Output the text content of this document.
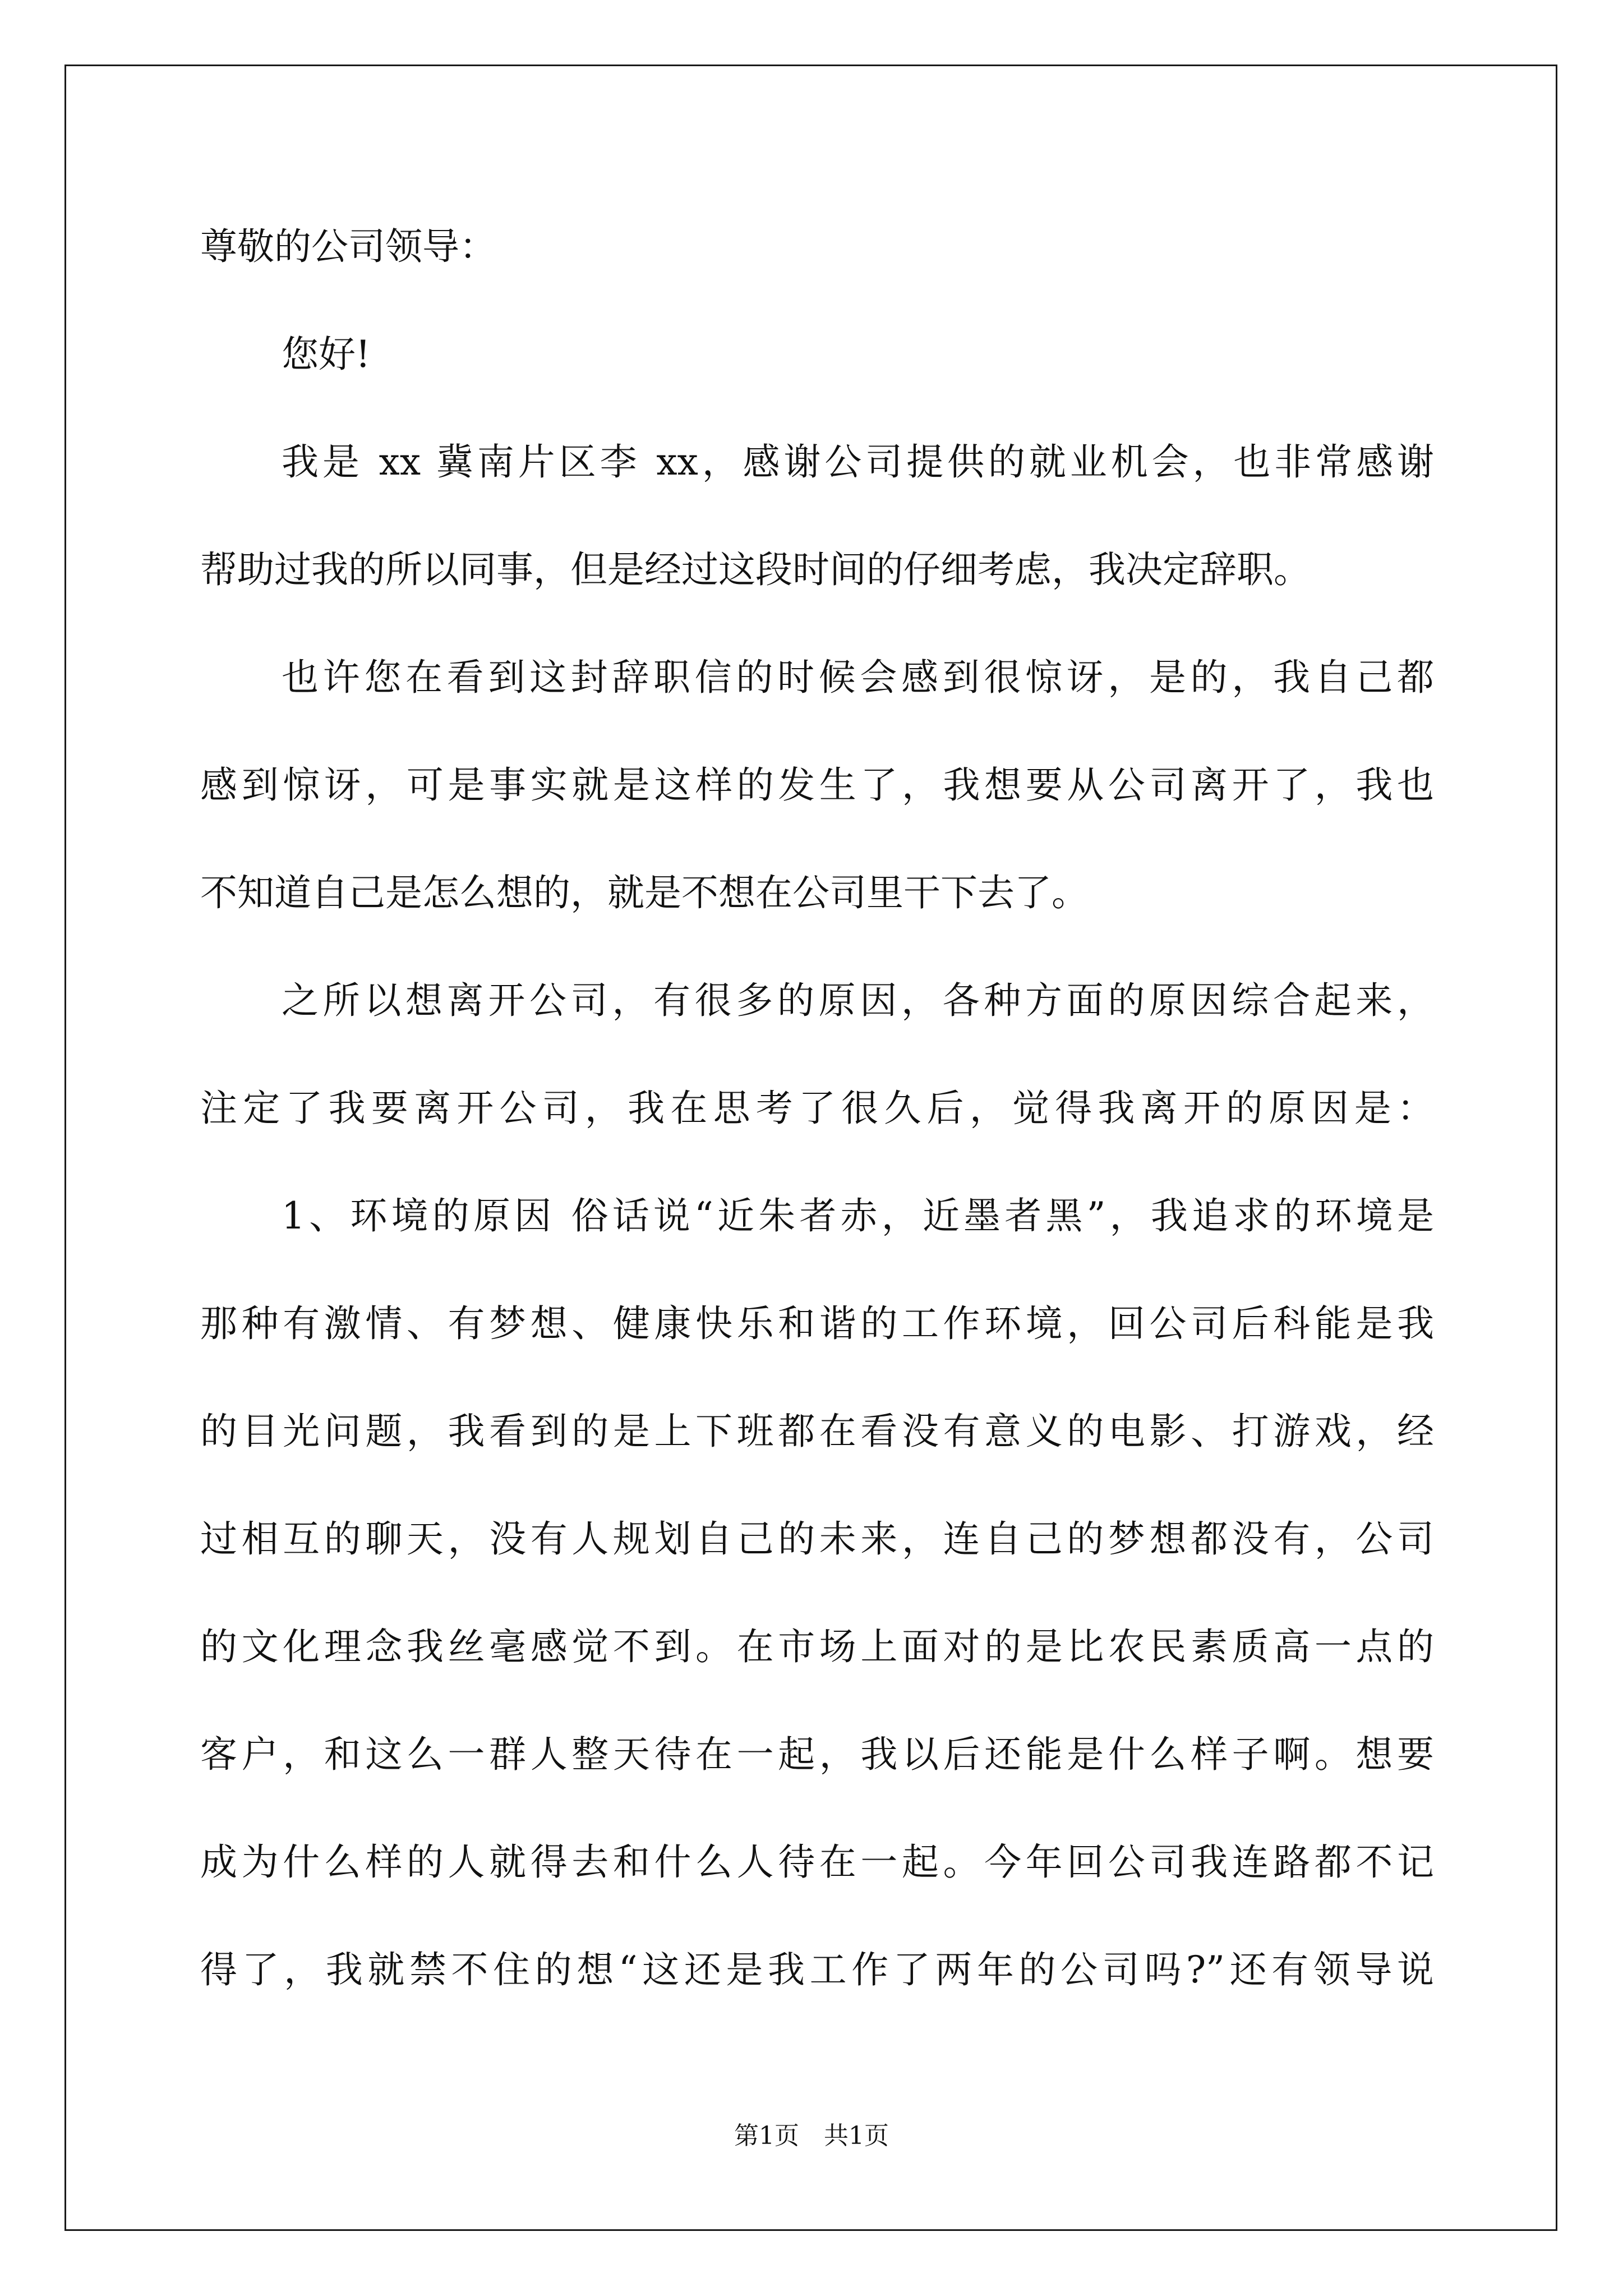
尊敬的公司领导：
您好!
我是 xx 冀南片区李 xx，感谢公司提供的就业机会，也非常感谢
帮助过我的所以同事，但是经过这段时间的仔细考虑，我决定辞职。
也许您在看到这封辞职信的时候会感到很惊讶，是的，我自己都
感到惊讶，可是事实就是这样的发生了，我想要从公司离开了，我也
不知道自己是怎么想的，就是不想在公司里干下去了。
之所以想离开公司，有很多的原因，各种方面的原因综合起来，
注定了我要离开公司，我在思考了很久后，觉得我离开的原因是：
1、环境的原因 俗话说“近朱者赤，近墨者黑”，我追求的环境是
那种有激情、有梦想、健康快乐和谐的工作环境，回公司后科能是我
的目光问题，我看到的是上下班都在看没有意义的电影、打游戏，经
过相互的聊天，没有人规划自己的未来，连自己的梦想都没有，公司
的文化理念我丝毫感觉不到。在市场上面对的是比农民素质高一点的
客户，和这么一群人整天待在一起，我以后还能是什么样子啊。想要
成为什么样的人就得去和什么人待在一起。今年回公司我连路都不记
得了，我就禁不住的想“这还是我工作了两年的公司吗?”还有领导说
第1页 共1页
